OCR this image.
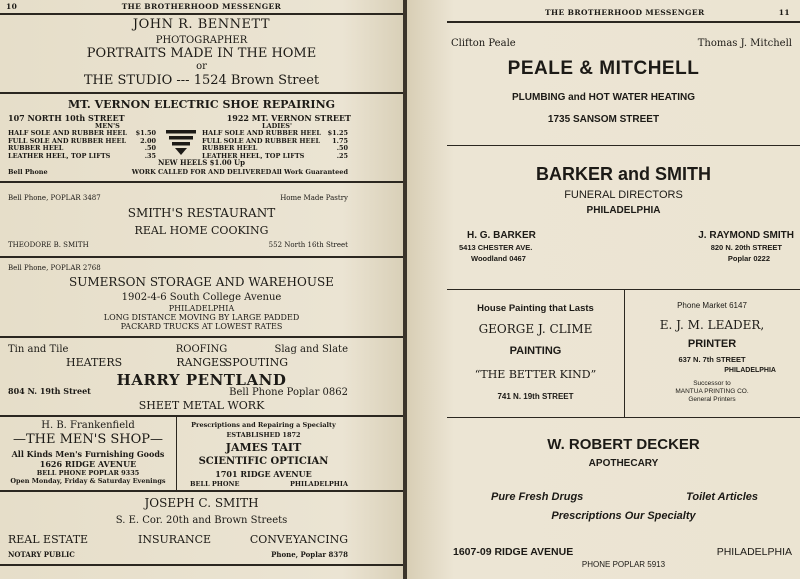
10	THE BROTHERHOOD MESSENGER
JOHN R. BENNETT
PHOTOGRAPHER
PORTRAITS MADE IN THE HOME
or
THE STUDIO --- 1524 Brown Street
MT. VERNON ELECTRIC SHOE REPAIRING
107 NORTH 10th STREET	1922 MT. VERNON STREET
MEN'S	LADIES'
HALF SOLE AND RUBBER HEEL $1.50
FULL SOLE AND RUBBER HEEL 2.00
RUBBER HEEL	.50
LEATHER HEEL, TOP LIFTS	.35
HALF SOLE AND RUBBER HEEL $1.25
FULL SOLE AND RUBBER HEEL 1.75
RUBBER HEEL	.50
LEATHER HEEL, TOP LIFTS	.25
NEW HEELS $1.00 Up
Bell Phone	WORK CALLED FOR AND DELIVERED All Work Guaranteed
Bell Phone, POPLAR 3487	Home Made Pastry
SMITH'S RESTAURANT
REAL HOME COOKING
THEODORE B. SMITH	552 North 16th Street
Bell Phone, POPLAR 2768
SUMERSON STORAGE AND WAREHOUSE
1902-4-6 South College Avenue
PHILADELPHIA
LONG DISTANCE MOVING BY LARGE PADDED
PACKARD TRUCKS AT LOWEST RATES
Tin and Tile	ROOFING	Slag and Slate
HEATERS	RANGES
SPOUTING
HARRY PENTLAND
804 N. 19th Street	Bell Phone Poplar 0862
SHEET METAL WORK
H. B. Frankenfield
—THE MEN'S SHOP—
All Kinds Men's Furnishing Goods
1626 RIDGE AVENUE
BELL PHONE POPLAR 9335
Open Monday, Friday & Saturday Evenings
Prescriptions and Repairing a Specialty
ESTABLISHED 1872
JAMES TAIT
SCIENTIFIC OPTICIAN
1701 RIDGE AVENUE
BELL PHONE	PHILADELPHIA
JOSEPH C. SMITH
S. E. Cor. 20th and Brown Streets
REAL ESTATE	INSURANCE	CONVEYANCING
NOTARY PUBLIC	Phone, Poplar 8378
THE BROTHERHOOD MESSENGER	11
Clifton Peale	Thomas J. Mitchell
PEALE & MITCHELL
PLUMBING and HOT WATER HEATING
1735 SANSOM STREET
BARKER and SMITH
FUNERAL DIRECTORS
PHILADELPHIA
H. G. BARKER
5413 CHESTER AVE.
Woodland 0467
J. RAYMOND SMITH
820 N. 20th STREET
Poplar 0222
House Painting that Lasts
GEORGE J. CLIME
PAINTING
“THE BETTER KIND”
741 N. 19th STREET
Phone Market 6147
E. J. M. LEADER,
PRINTER
637 N. 7th STREET
PHILADELPHIA
Successor to
MANTUA PRINTING CO.
General Printers
W. ROBERT DECKER
APOTHECARY
Pure Fresh Drugs	Toilet Articles
Prescriptions Our Specialty
1607-09 RIDGE AVENUE	PHILADELPHIA
PHONE POPLAR 5913
